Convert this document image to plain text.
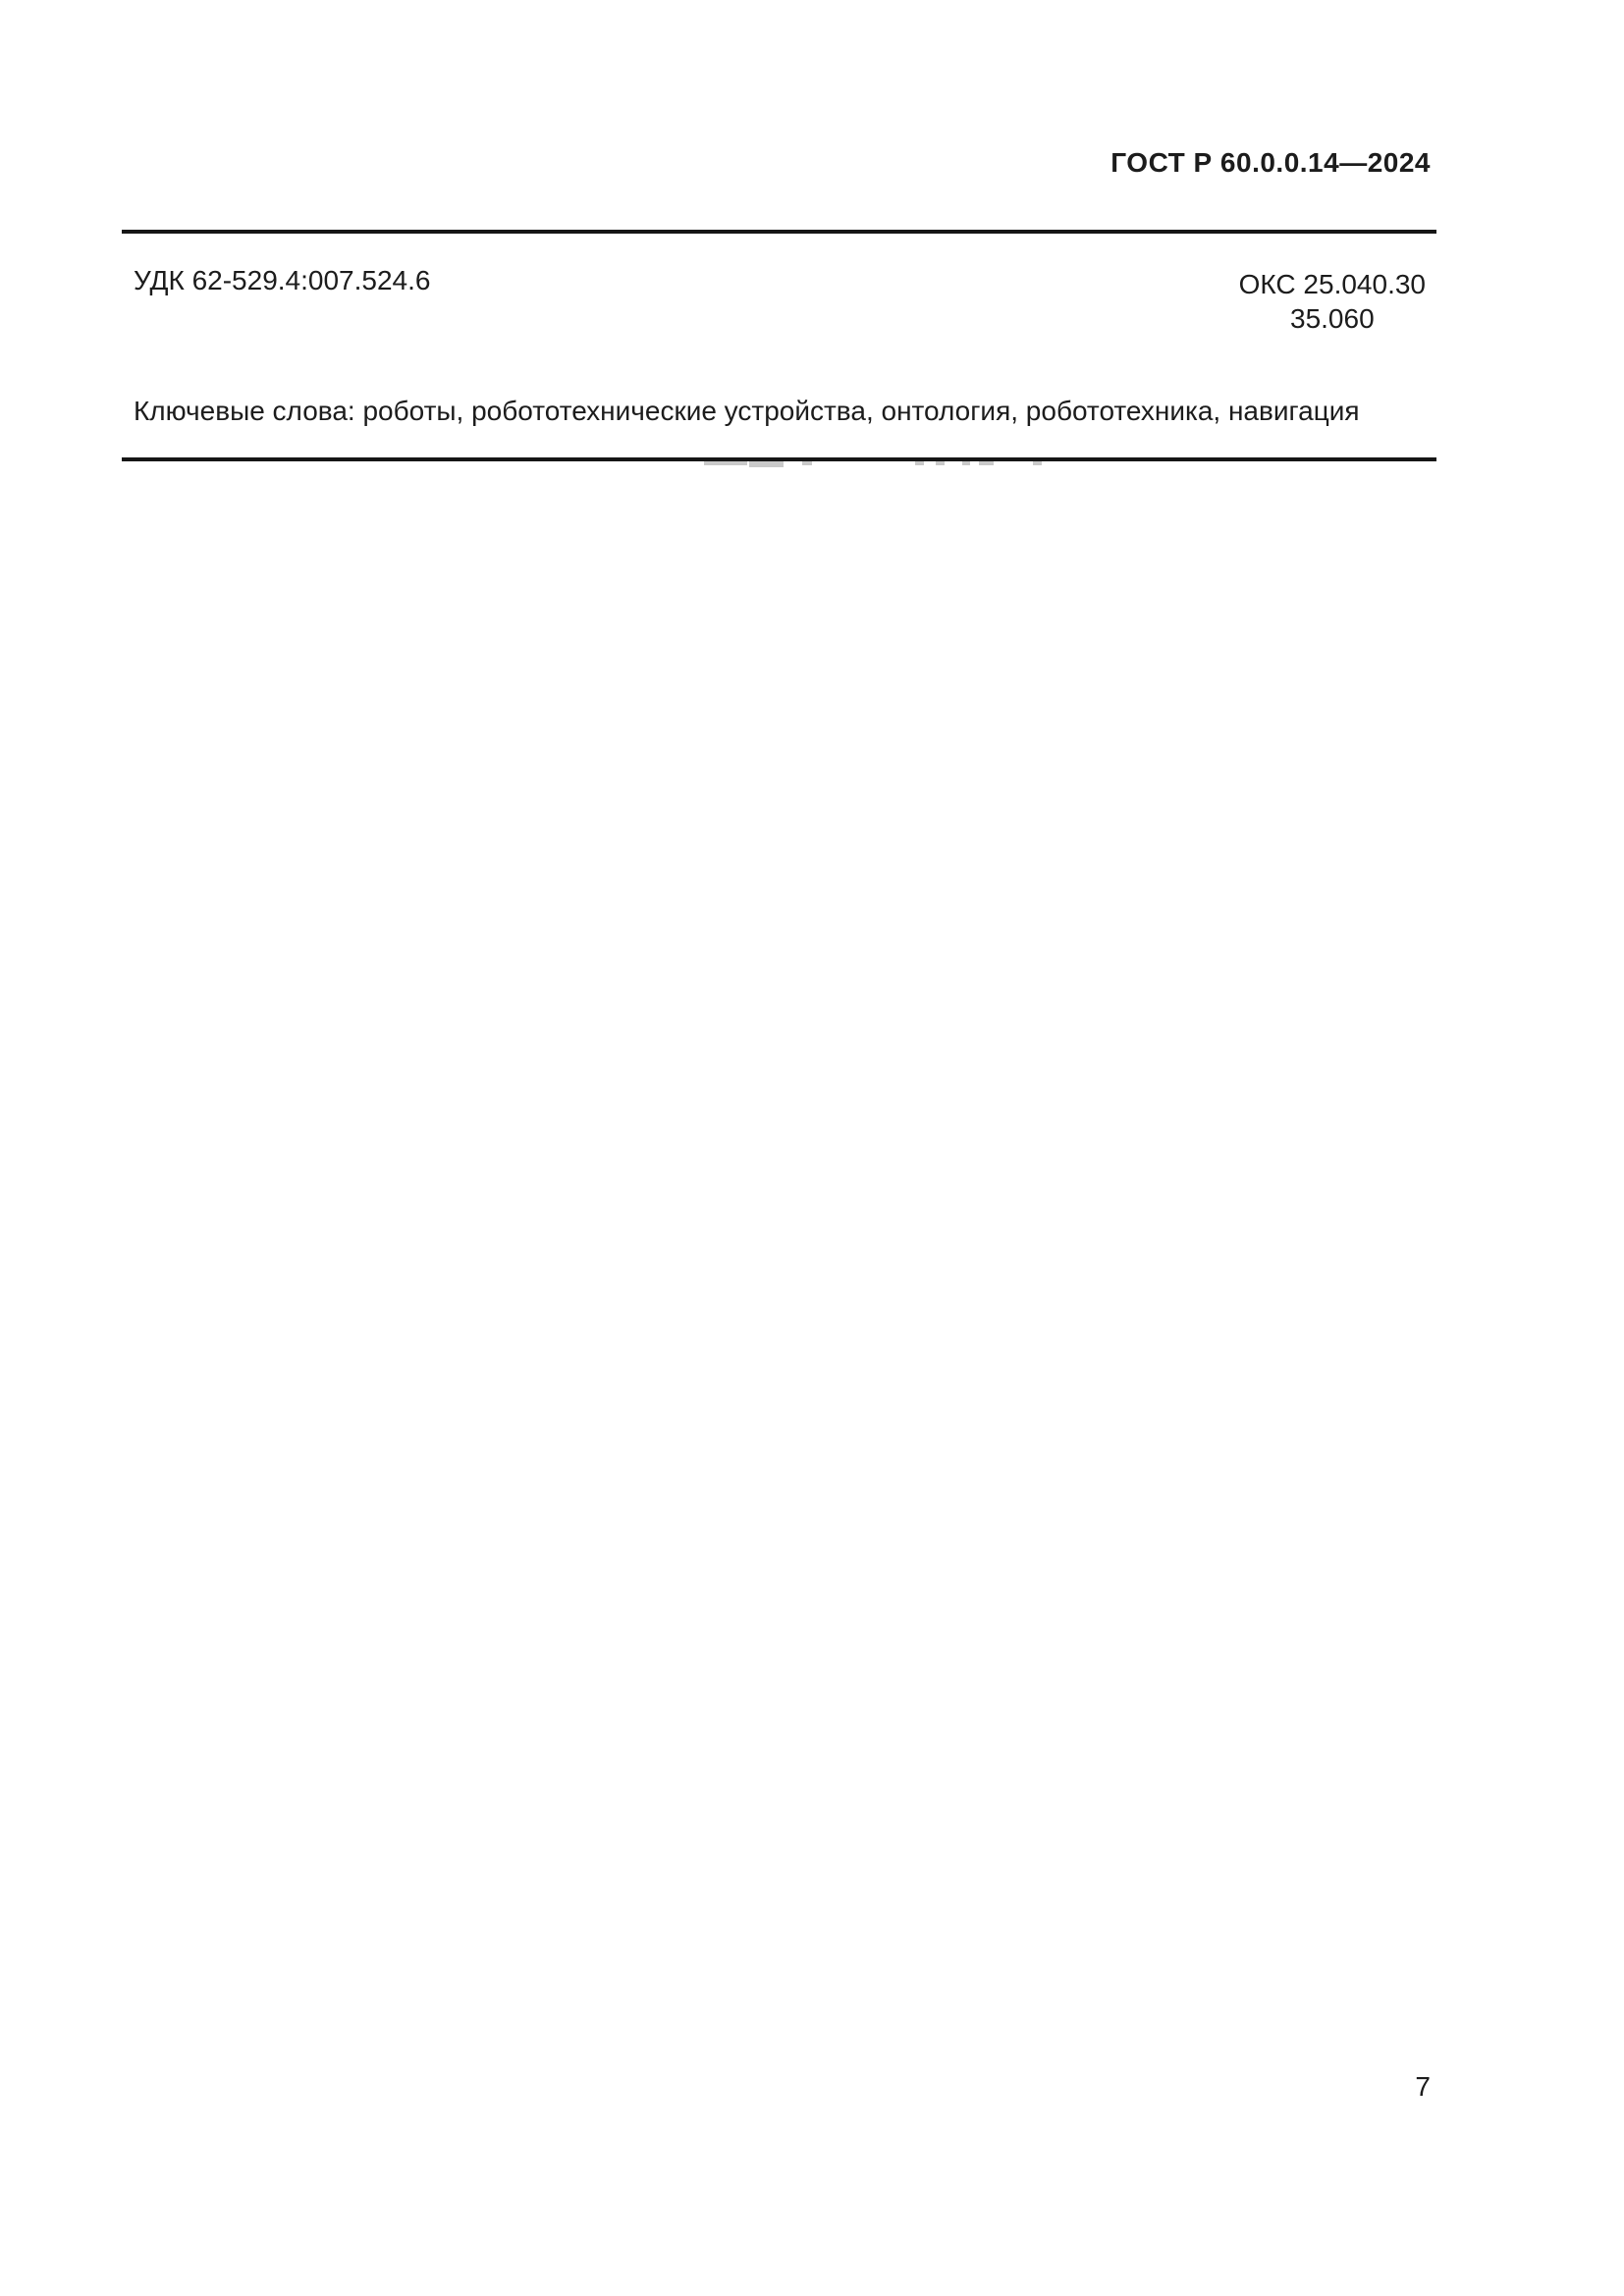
ГОСТ Р 60.0.0.14—2024
УДК 62-529.4:007.524.6	ОКС 25.040.30
35.060
Ключевые слова: роботы, робототехнические устройства, онтология, робототехника, навигация
7
